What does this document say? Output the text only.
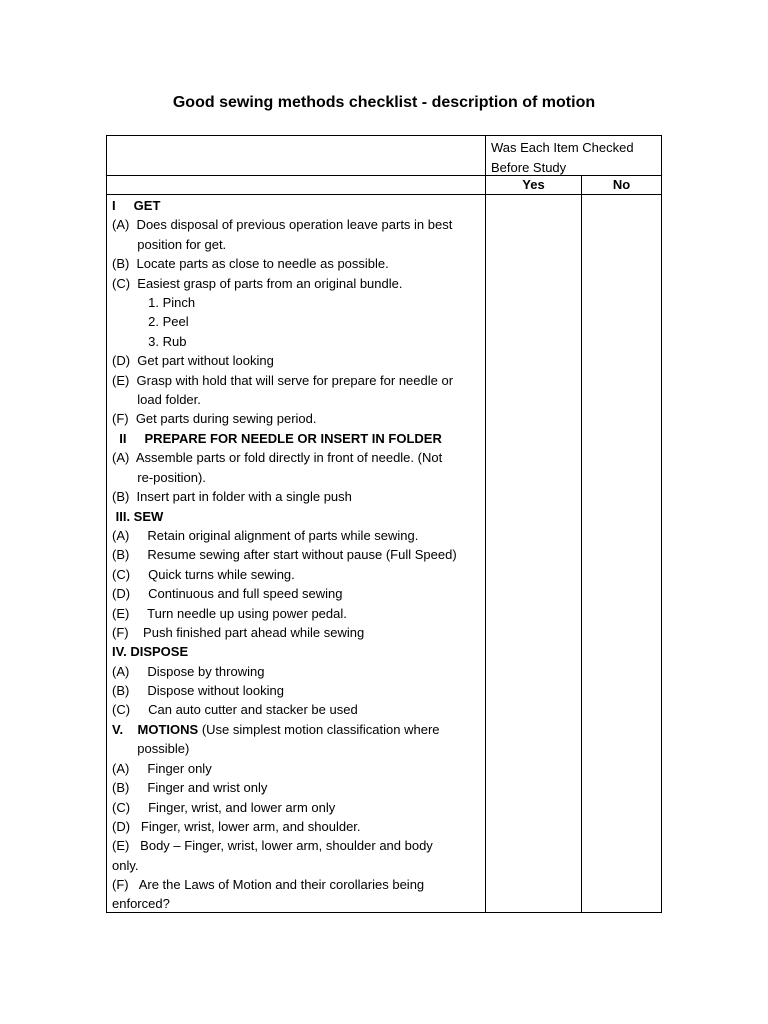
Good sewing methods checklist - description of motion
Was Each Item Checked Before Study
Yes	No
I     GET
(A)  Does disposal of previous operation leave parts in best
position for get.
(B)  Locate parts as close to needle as possible.
(C)  Easiest grasp of parts from an original bundle.
1. Pinch
2. Peel
3. Rub
(D)  Get part without looking
(E)  Grasp with hold that will serve for prepare for needle or
load folder.
(F)  Get parts during sewing period.
II     PREPARE FOR NEEDLE OR INSERT IN FOLDER
(A)  Assemble parts or fold directly in front of needle. (Not
re-position).
(B)  Insert part in folder with a single push
III. SEW
(A)     Retain original alignment of parts while sewing.
(B)     Resume sewing after start without pause (Full Speed)
(C)     Quick turns while sewing.
(D)     Continuous and full speed sewing
(E)     Turn needle up using power pedal.
(F)    Push finished part ahead while sewing
IV. DISPOSE
(A)     Dispose by throwing
(B)     Dispose without looking
(C)     Can auto cutter and stacker be used
V.    MOTIONS (Use simplest motion classification where
possible)
(A)     Finger only
(B)     Finger and wrist only
(C)     Finger, wrist, and lower arm only
(D)   Finger, wrist, lower arm, and shoulder.
(E)   Body – Finger, wrist, lower arm, shoulder and body
only.
(F)   Are the Laws of Motion and their corollaries being
enforced?
